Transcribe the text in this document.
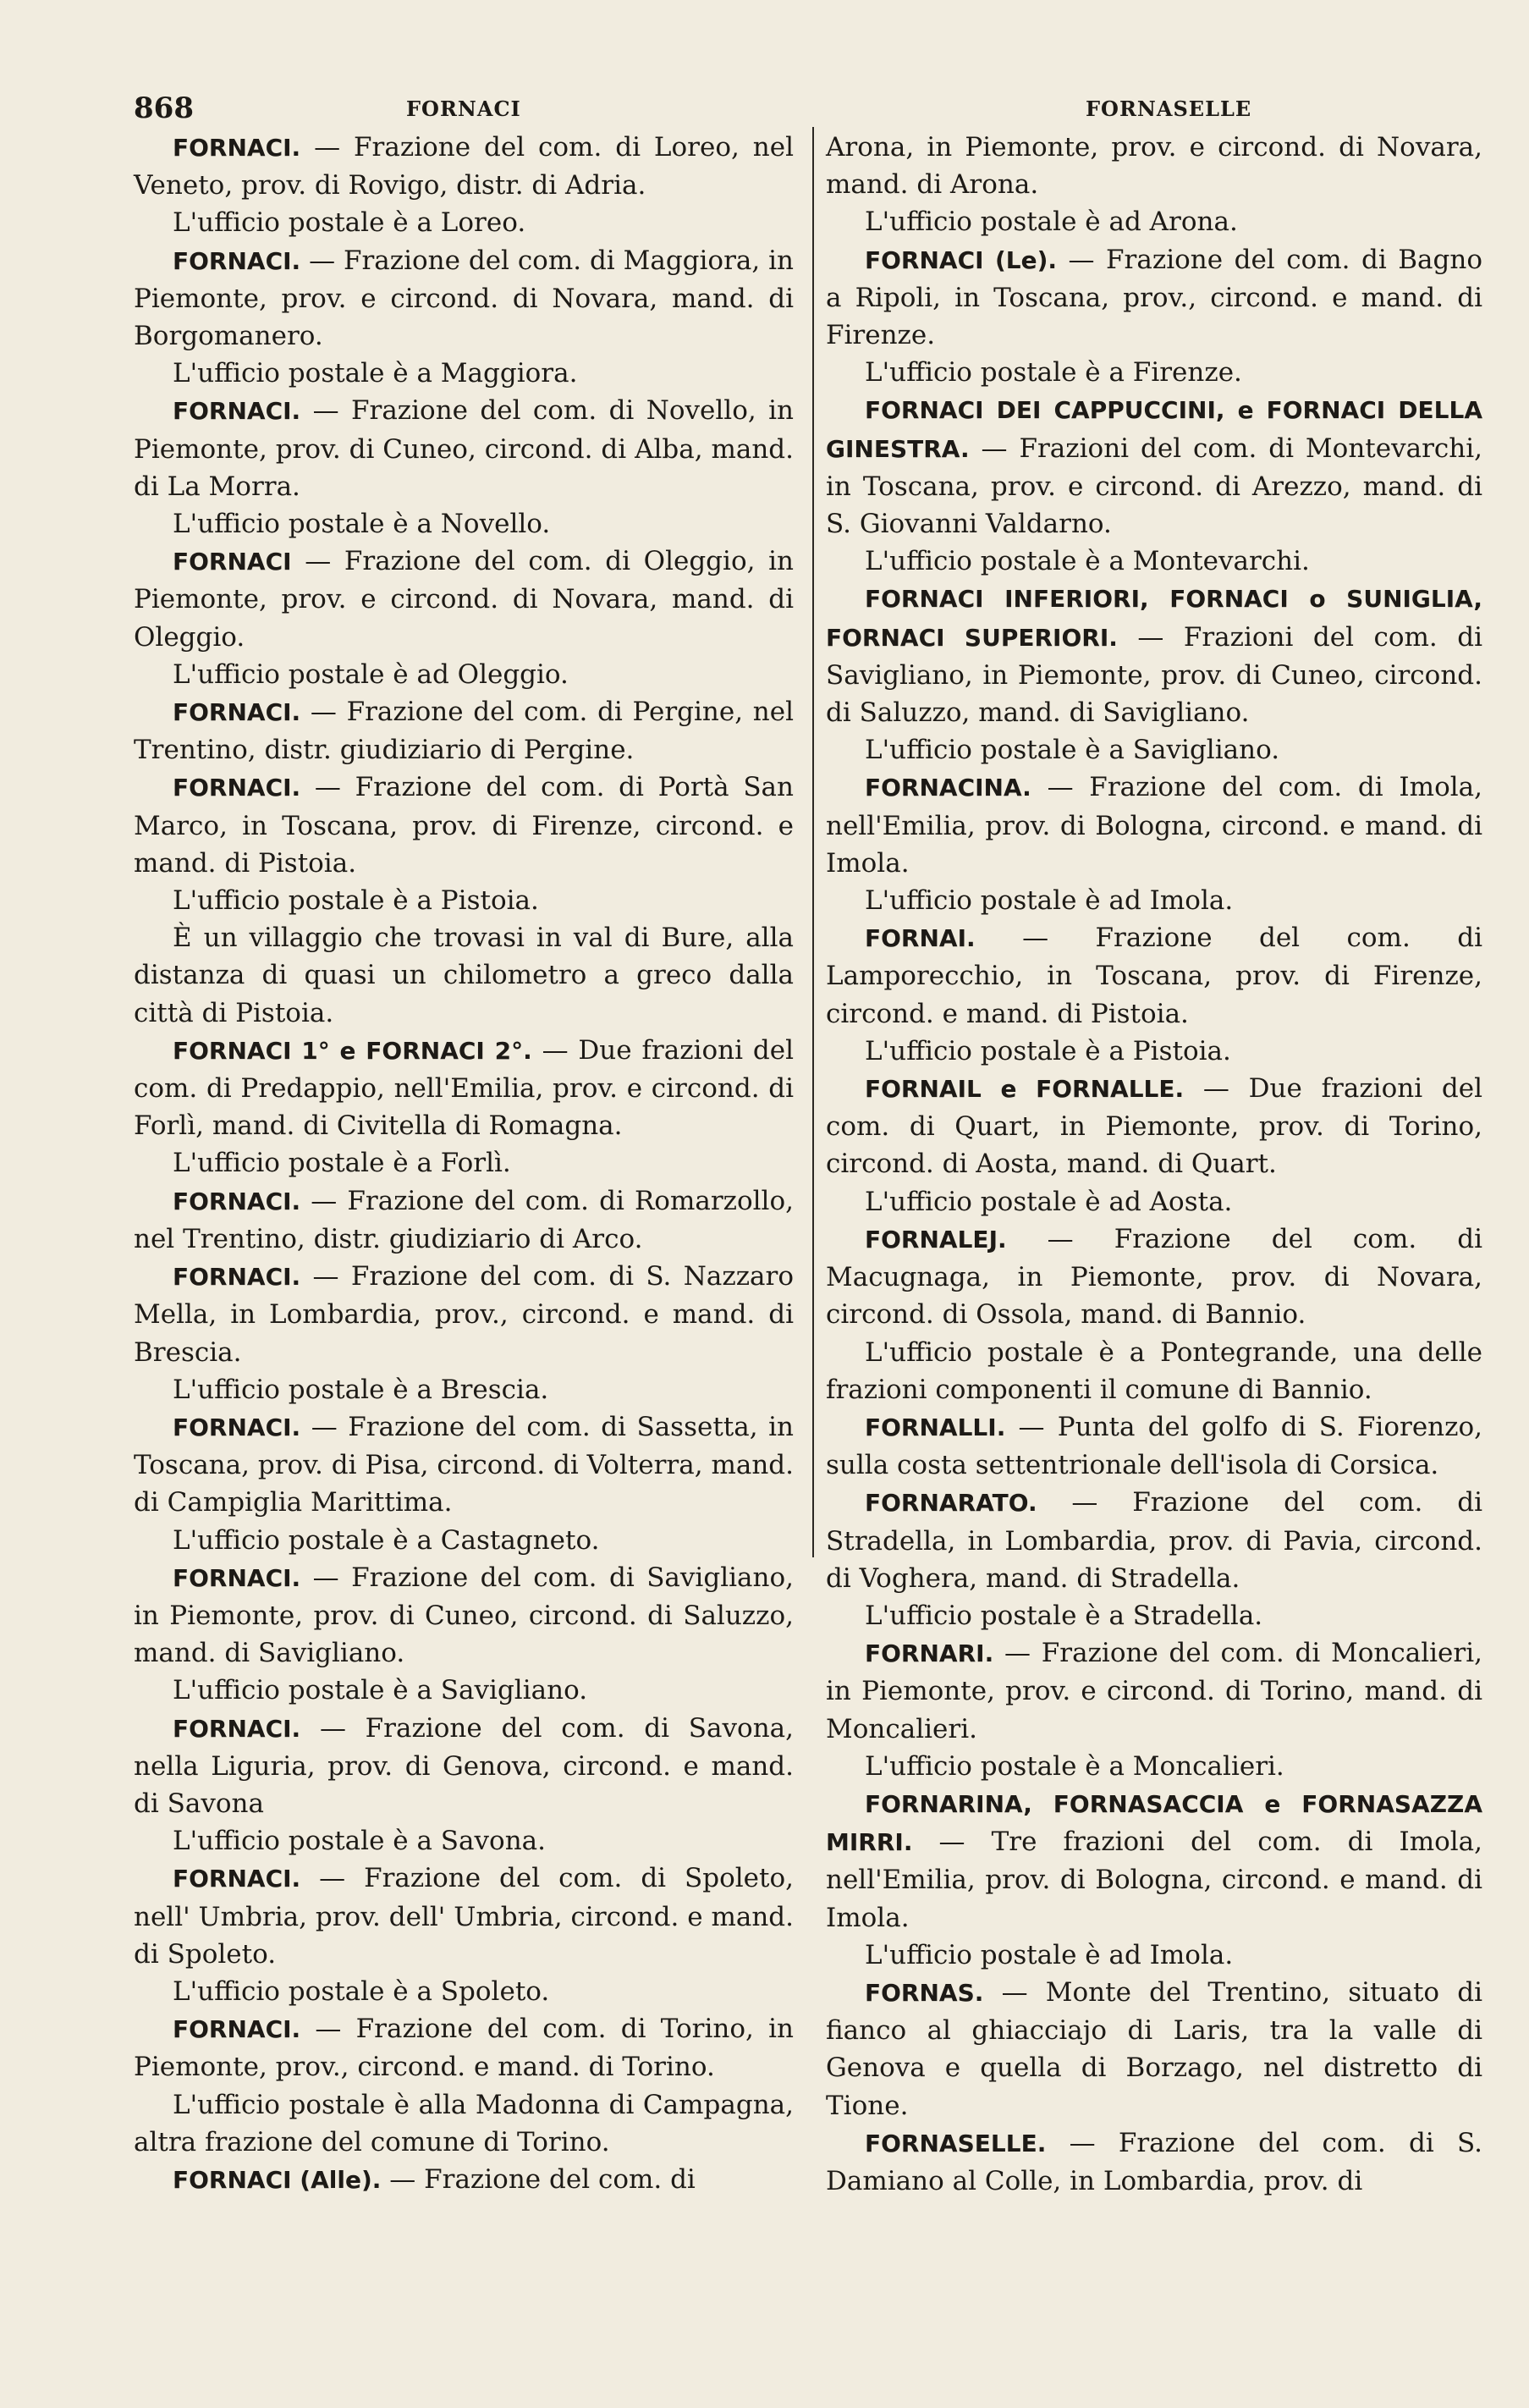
868	FORNACI	FORNASELLE

FORNACI. — Frazione del com. di Loreo, nel Veneto, prov. di Rovigo, distr. di Adria.

L'ufficio postale è a Loreo.

FORNACI. — Frazione del com. di Maggiora, in Piemonte, prov. e circond. di Novara, mand. di Borgomanero.

L'ufficio postale è a Maggiora.

FORNACI. — Frazione del com. di Novello, in Piemonte, prov. di Cuneo, circond. di Alba, mand. di La Morra.

L'ufficio postale è a Novello.

FORNACI — Frazione del com. di Oleggio, in Piemonte, prov. e circond. di Novara, mand. di Oleggio.

L'ufficio postale è ad Oleggio.

FORNACI. — Frazione del com. di Pergine, nel Trentino, distr. giudiziario di Pergine.

FORNACI. — Frazione del com. di Portà San Marco, in Toscana, prov. di Firenze, circond. e mand. di Pistoia.

L'ufficio postale è a Pistoia.

È un villaggio che trovasi in val di Bure, alla distanza di quasi un chilometro a greco dalla città di Pistoia.

FORNACI 1° e FORNACI 2°. — Due frazioni del com. di Predappio, nell'Emilia, prov. e circond. di Forlì, mand. di Civitella di Romagna.

L'ufficio postale è a Forlì.

FORNACI. — Frazione del com. di Romarzollo, nel Trentino, distr. giudiziario di Arco.

FORNACI. — Frazione del com. di S. Nazzaro Mella, in Lombardia, prov., circond. e mand. di Brescia.

L'ufficio postale è a Brescia.

FORNACI. — Frazione del com. di Sassetta, in Toscana, prov. di Pisa, circond. di Volterra, mand. di Campiglia Marittima.

L'ufficio postale è a Castagneto.

FORNACI. — Frazione del com. di Savigliano, in Piemonte, prov. di Cuneo, circond. di Saluzzo, mand. di Savigliano.

L'ufficio postale è a Savigliano.

FORNACI. — Frazione del com. di Savona, nella Liguria, prov. di Genova, circond. e mand. di Savona

L'ufficio postale è a Savona.

FORNACI. — Frazione del com. di Spoleto, nell' Umbria, prov. dell' Umbria, circond. e mand. di Spoleto.

L'ufficio postale è a Spoleto.

FORNACI. — Frazione del com. di Torino, in Piemonte, prov., circond. e mand. di Torino.

L'ufficio postale è alla Madonna di Campagna, altra frazione del comune di Torino.

FORNACI (Alle). — Frazione del com. di

Arona, in Piemonte, prov. e circond. di Novara, mand. di Arona.

L'ufficio postale è ad Arona.

FORNACI (Le). — Frazione del com. di Bagno a Ripoli, in Toscana, prov., circond. e mand. di Firenze.

L'ufficio postale è a Firenze.

FORNACI DEI CAPPUCCINI, e FORNACI DELLA GINESTRA. — Frazioni del com. di Montevarchi, in Toscana, prov. e circond. di Arezzo, mand. di S. Giovanni Valdarno.

L'ufficio postale è a Montevarchi.

FORNACI INFERIORI, FORNACI o SUNIGLIA, FORNACI SUPERIORI. — Frazioni del com. di Savigliano, in Piemonte, prov. di Cuneo, circond. di Saluzzo, mand. di Savigliano.

L'ufficio postale è a Savigliano.

FORNACINA. — Frazione del com. di Imola, nell'Emilia, prov. di Bologna, circond. e mand. di Imola.

L'ufficio postale è ad Imola.

FORNAI. — Frazione del com. di Lamporecchio, in Toscana, prov. di Firenze, circond. e mand. di Pistoia.

L'ufficio postale è a Pistoia.

FORNAIL e FORNALLE. — Due frazioni del com. di Quart, in Piemonte, prov. di Torino, circond. di Aosta, mand. di Quart.

L'ufficio postale è ad Aosta.

FORNALEJ. — Frazione del com. di Macugnaga, in Piemonte, prov. di Novara, circond. di Ossola, mand. di Bannio.

L'ufficio postale è a Pontegrande, una delle frazioni componenti il comune di Bannio.

FORNALLI. — Punta del golfo di S. Fiorenzo, sulla costa settentrionale dell'isola di Corsica.

FORNARATO. — Frazione del com. di Stradella, in Lombardia, prov. di Pavia, circond. di Voghera, mand. di Stradella.

L'ufficio postale è a Stradella.

FORNARI. — Frazione del com. di Moncalieri, in Piemonte, prov. e circond. di Torino, mand. di Moncalieri.

L'ufficio postale è a Moncalieri.

FORNARINA, FORNASACCIA e FORNASAZZA MIRRI. — Tre frazioni del com. di Imola, nell'Emilia, prov. di Bologna, circond. e mand. di Imola.

L'ufficio postale è ad Imola.

FORNAS. — Monte del Trentino, situato di fianco al ghiacciajo di Laris, tra la valle di Genova e quella di Borzago, nel distretto di Tione.

FORNASELLE. — Frazione del com. di S. Damiano al Colle, in Lombardia, prov. di
